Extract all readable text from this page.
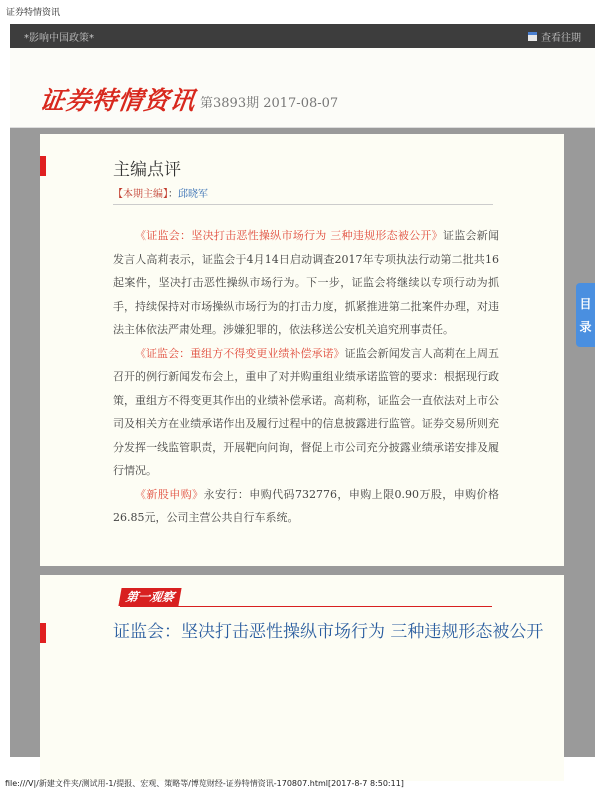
证券特情资讯
*影响中国政策*	查看往期
证券特情资讯 第3893期 2017-08-07
主编点评
【本期主编】：邱晓军

《证监会：坚决打击恶性操纵市场行为 三种违规形态被公开》证监会新闻发言人高莉表示，证监会于4月14日启动调查2017年专项执法行动第二批共16起案件，坚决打击恶性操纵市场行为。下一步，证监会将继续以专项行动为抓手，持续保持对市场操纵市场行为的打击力度，抓紧推进第二批案件办理，对违法主体依法严肃处理。涉嫌犯罪的，依法移送公安机关追究刑事责任。

《证监会：重组方不得变更业绩补偿承诺》证监会新闻发言人高莉在上周五召开的例行新闻发布会上，重申了对并购重组业绩承诺监管的要求：根据现行政策，重组方不得变更其作出的业绩补偿承诺。高莉称，证监会一直依法对上市公司及相关方在业绩承诺作出及履行过程中的信息披露进行监管。证券交易所则充分发挥一线监管职责，开展靶向问询，督促上市公司充分披露业绩承诺安排及履行情况。

《新股申购》永安行：申购代码732776，申购上限0.90万股，申购价格26.85元，公司主营公共自行车系统。

第一观察
证监会：坚决打击恶性操纵市场行为 三种违规形态被公开
目
录
file:///V|/新建文件夹/测试用-1/提报、宏观、策略等/博览财经-证券特情资讯-170807.html[2017-8-7 8:50:11]
